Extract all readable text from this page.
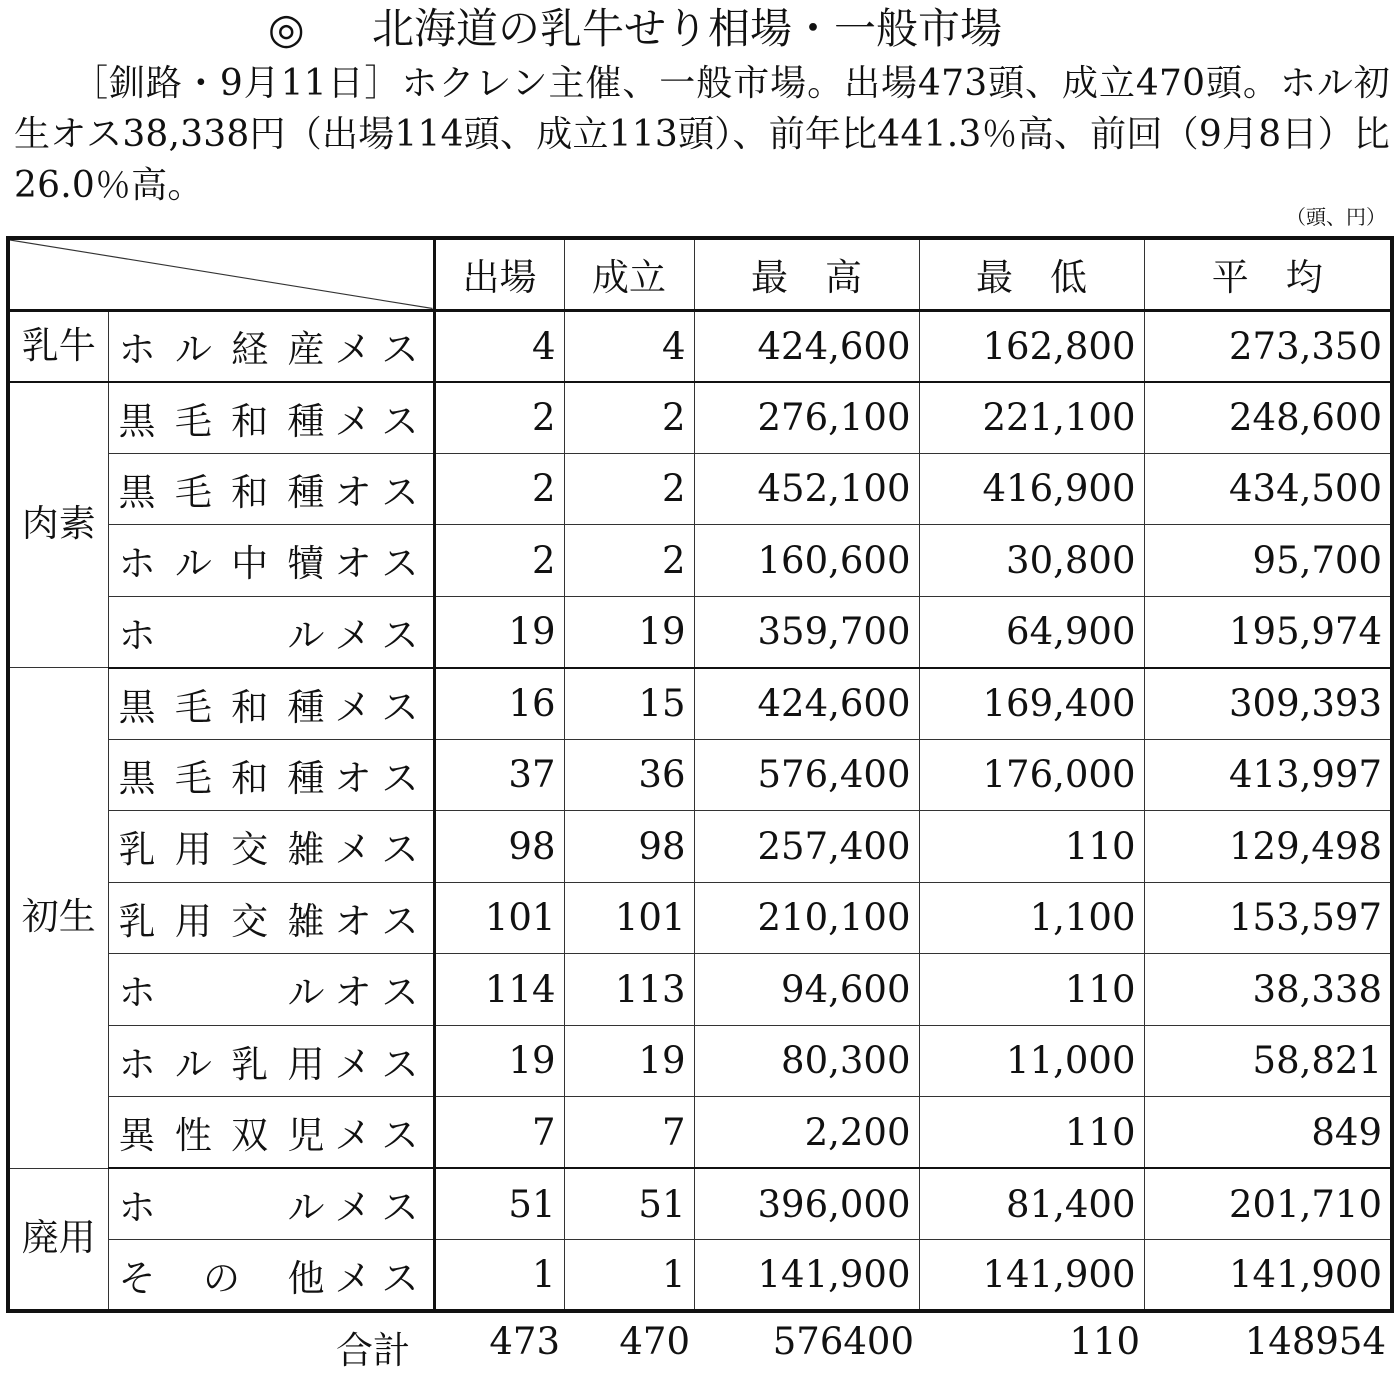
◎ 北海道の乳牛せり相場・一般市場
［釧路・9月11日］ホクレン主催、一般市場。出場473頭、成立470頭。ホル初生オス38,338円（出場114頭、成立113頭）、前年比441.3％高、前回（9月8日）比26.0％高。
（頭、円）
	出場	成立	最　高	最　低	平　均
乳牛	ホル経産 メス	4	4	424,600	162,800	273,350
肉素	黒毛和種 メス	2	2	276,100	221,100	248,600
	黒毛和種 オス	2	2	452,100	416,900	434,500
	ホル中犢 オス	2	2	160,600	30,800	95,700
	ホル メス	19	19	359,700	64,900	195,974
初生	黒毛和種 メス	16	15	424,600	169,400	309,393
	黒毛和種 オス	37	36	576,400	176,000	413,997
	乳用交雑 メス	98	98	257,400	110	129,498
	乳用交雑 オス	101	101	210,100	1,100	153,597
	ホル オス	114	113	94,600	110	38,338
	ホル乳用 メス	19	19	80,300	11,000	58,821
	異性双児 メス	7	7	2,200	110	849
廃用	ホル メス	51	51	396,000	81,400	201,710
	その他 メス	1	1	141,900	141,900	141,900
合計 473 470 576400	110	148954
